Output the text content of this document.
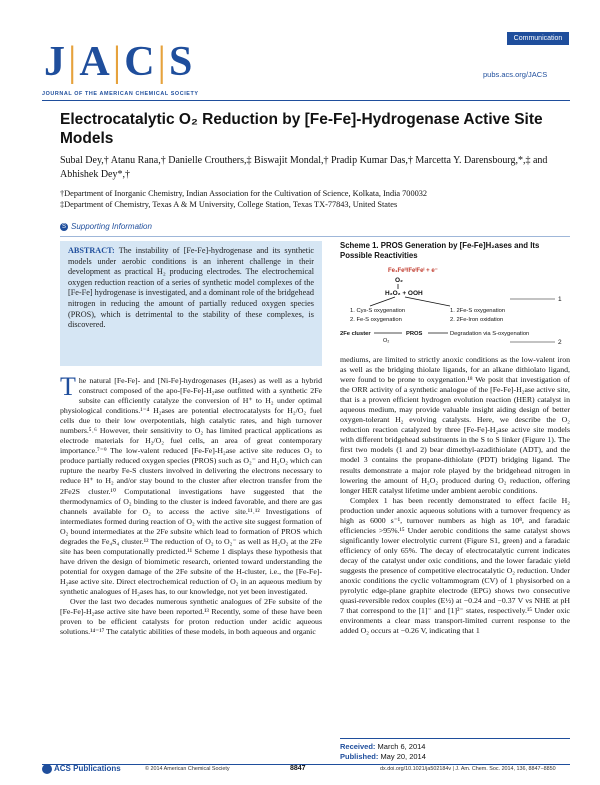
J|A|C|S
JOURNAL OF THE AMERICAN CHEMICAL SOCIETY
Communication
pubs.acs.org/JACS
Electrocatalytic O₂ Reduction by [Fe-Fe]-Hydrogenase Active Site Models
Subal Dey,† Atanu Rana,† Danielle Crouthers,‡ Biswajit Mondal,† Pradip Kumar Das,† Marcetta Y. Darensbourg,*,‡ and Abhishek Dey*,†
†Department of Inorganic Chemistry, Indian Association for the Cultivation of Science, Kolkata, India 700032
‡Department of Chemistry, Texas A & M University, College Station, Texas TX-77843, United States
S Supporting Information
ABSTRACT: The instability of [Fe-Fe]-hydrogenase and its synthetic models under aerobic conditions is an inherent challenge in their development as practical H₂ producing electrodes. The electrochemical oxygen reduction reaction of a series of synthetic model complexes of the [Fe-Fe] hydrogenase is investigated, and a dominant role of the bridgehead nitrogen in reducing the amount of partially reduced oxygen species (PROS), which is detrimental to the stability of these complexes, is discovered.
Scheme 1. PROS Generation by [Fe-Fe]H₂ases and Its Possible Reactivities
Fe₁Feᴵᴵ/FeᴵFeᴵ + e⁻
O₂
H₂O₂ + OOH
1. Cys-S oxygenation
2. Fe-S oxygenation
1. 2Fe-S oxygenation
2. 2Fe-Iron oxidation
1
2Fe cluster
O₂
PROS	Degradation via S-oxygenation
2
The natural [Fe-Fe]- and [Ni-Fe]-hydrogenases (H₂ases) as well as a hybrid construct composed of the apo-[Fe-Fe]-H₂ase outfitted with a synthetic 2Fe subsite can efficiently catalyze the conversion of H⁺ to H₂ under optimal physiological conditions.¹⁻⁴ H₂ases are potential electrocatalysts for H₂/O₂ fuel cells due to their low overpotentials, high catalytic rates, and high turnover numbers.⁵˒⁶ However, their sensitivity to O₂ has limited practical applications as electrode materials for H₂/O₂ fuel cells, an area of great contemporary importance.⁷⁻⁹ The low-valent reduced [Fe-Fe]-H₂ase active site reduces O₂ to produce partially reduced oxygen species (PROS) such as O₂⁻ and H₂O₂ which can rupture the nearby Fe-S clusters involved in delivering the electrons necessary to reduce H⁺ to H₂ and/or stay bound to the cluster after electron transfer from the 2Fe2S cluster.¹⁰ Computational investigations have suggested that the thermodynamics of O₂ binding to the cluster is indeed favorable, and there are gas channels available for O₂ to access the active site.¹¹˒¹² Investigations of intermediates formed during reaction of O₂ with the active site suggest formation of O₂ bound intermediates at the 2Fe subsite which lead to formation of PROS which degrades the Fe₄S₄ cluster.¹² The reduction of O₂ to O₂⁻ as well as H₂O₂ at the 2Fe site has been computationally predicted.¹¹ Scheme 1 displays these hypothesis that have driven the design of biomimetic research, oriented toward understanding the potential for oxygen damage of the 2Fe subsite of the H-cluster, i.e., the [Fe-Fe]-H₂ase active site. Direct electrochemical reduction of O₂ in an aqueous medium by synthetic analogues of H₂ases has, to our knowledge, not yet been investigated.
Over the last two decades numerous synthetic analogues of 2Fe subsite of the [Fe-Fe]-H₂ase active site have been reported.¹³ Recently, some of these have been proven to be efficient catalysts for proton reduction under acidic aqueous solutions.¹⁴⁻¹⁷ The catalytic abilities of these models, in both aqueous and organic
mediums, are limited to strictly anoxic conditions as the low-valent iron as well as the bridging thiolate ligands, for an alkane dithiolato ligand, were found to be prone to oxygenation.¹⁸ We posit that investigation of the ORR activity of a synthetic analogue of the [Fe-Fe]-H₂ase active site, that is a proven efficient hydrogen evolution reaction (HER) catalyst in aqueous medium, may provide valuable insight aiding design of better oxygen-tolerant H₂ evolving catalysts. Here, we describe the O₂ reduction reaction catalyzed by three [Fe-Fe]-H₂ase active site models with different bridgehead substituents in the S to S linker (Figure 1). The first two models (1 and 2) bear dimethyl-azadithiolate (ADT), and the model 3 contains the propane-dithiolate (PDT) bridging ligand. The results demonstrate a major role played by the bridgehead nitrogen in lowering the amount of H₂O₂ produced during O₂ reduction, offering longer HER catalyst lifetime under ambient aerobic conditions.
Complex 1 has been recently demonstrated to effect facile H₂ production under anoxic aqueous solutions with a turnover frequency as high as 6000 s⁻¹, turnover numbers as high as 10⁸, and faradaic efficiencies >95%.¹⁵ Under aerobic conditions the same catalyst shows significantly lower electrolytic current (Figure S1, green) and a faradaic efficiency of only 65%. The decay of electrocatalytic current indicates decay of the catalyst under oxic conditions, and the lower faradaic yield suggests the presence of competitive electrocatalytic O₂ reduction. Under anoxic conditions the cyclic voltammogram (CV) of 1 physisorbed on a pyrolytic edge-plane graphite electrode (EPG) shows two consecutive quasi-reversible redox couples (E½) at −0.24 and −0.37 V vs NHE at pH 7 that correspond to the [1]⁻ and [1]²⁻ states, respectively.¹⁵ Under oxic environments a clear mass transport-limited current response to the added O₂ occurs at −0.26 V, indicating that 1
Received: March 6, 2014
Published: May 20, 2014
ACS Publications	© 2014 American Chemical Society	8847	dx.doi.org/10.1021/ja502184v | J. Am. Chem. Soc. 2014, 136, 8847−8850
